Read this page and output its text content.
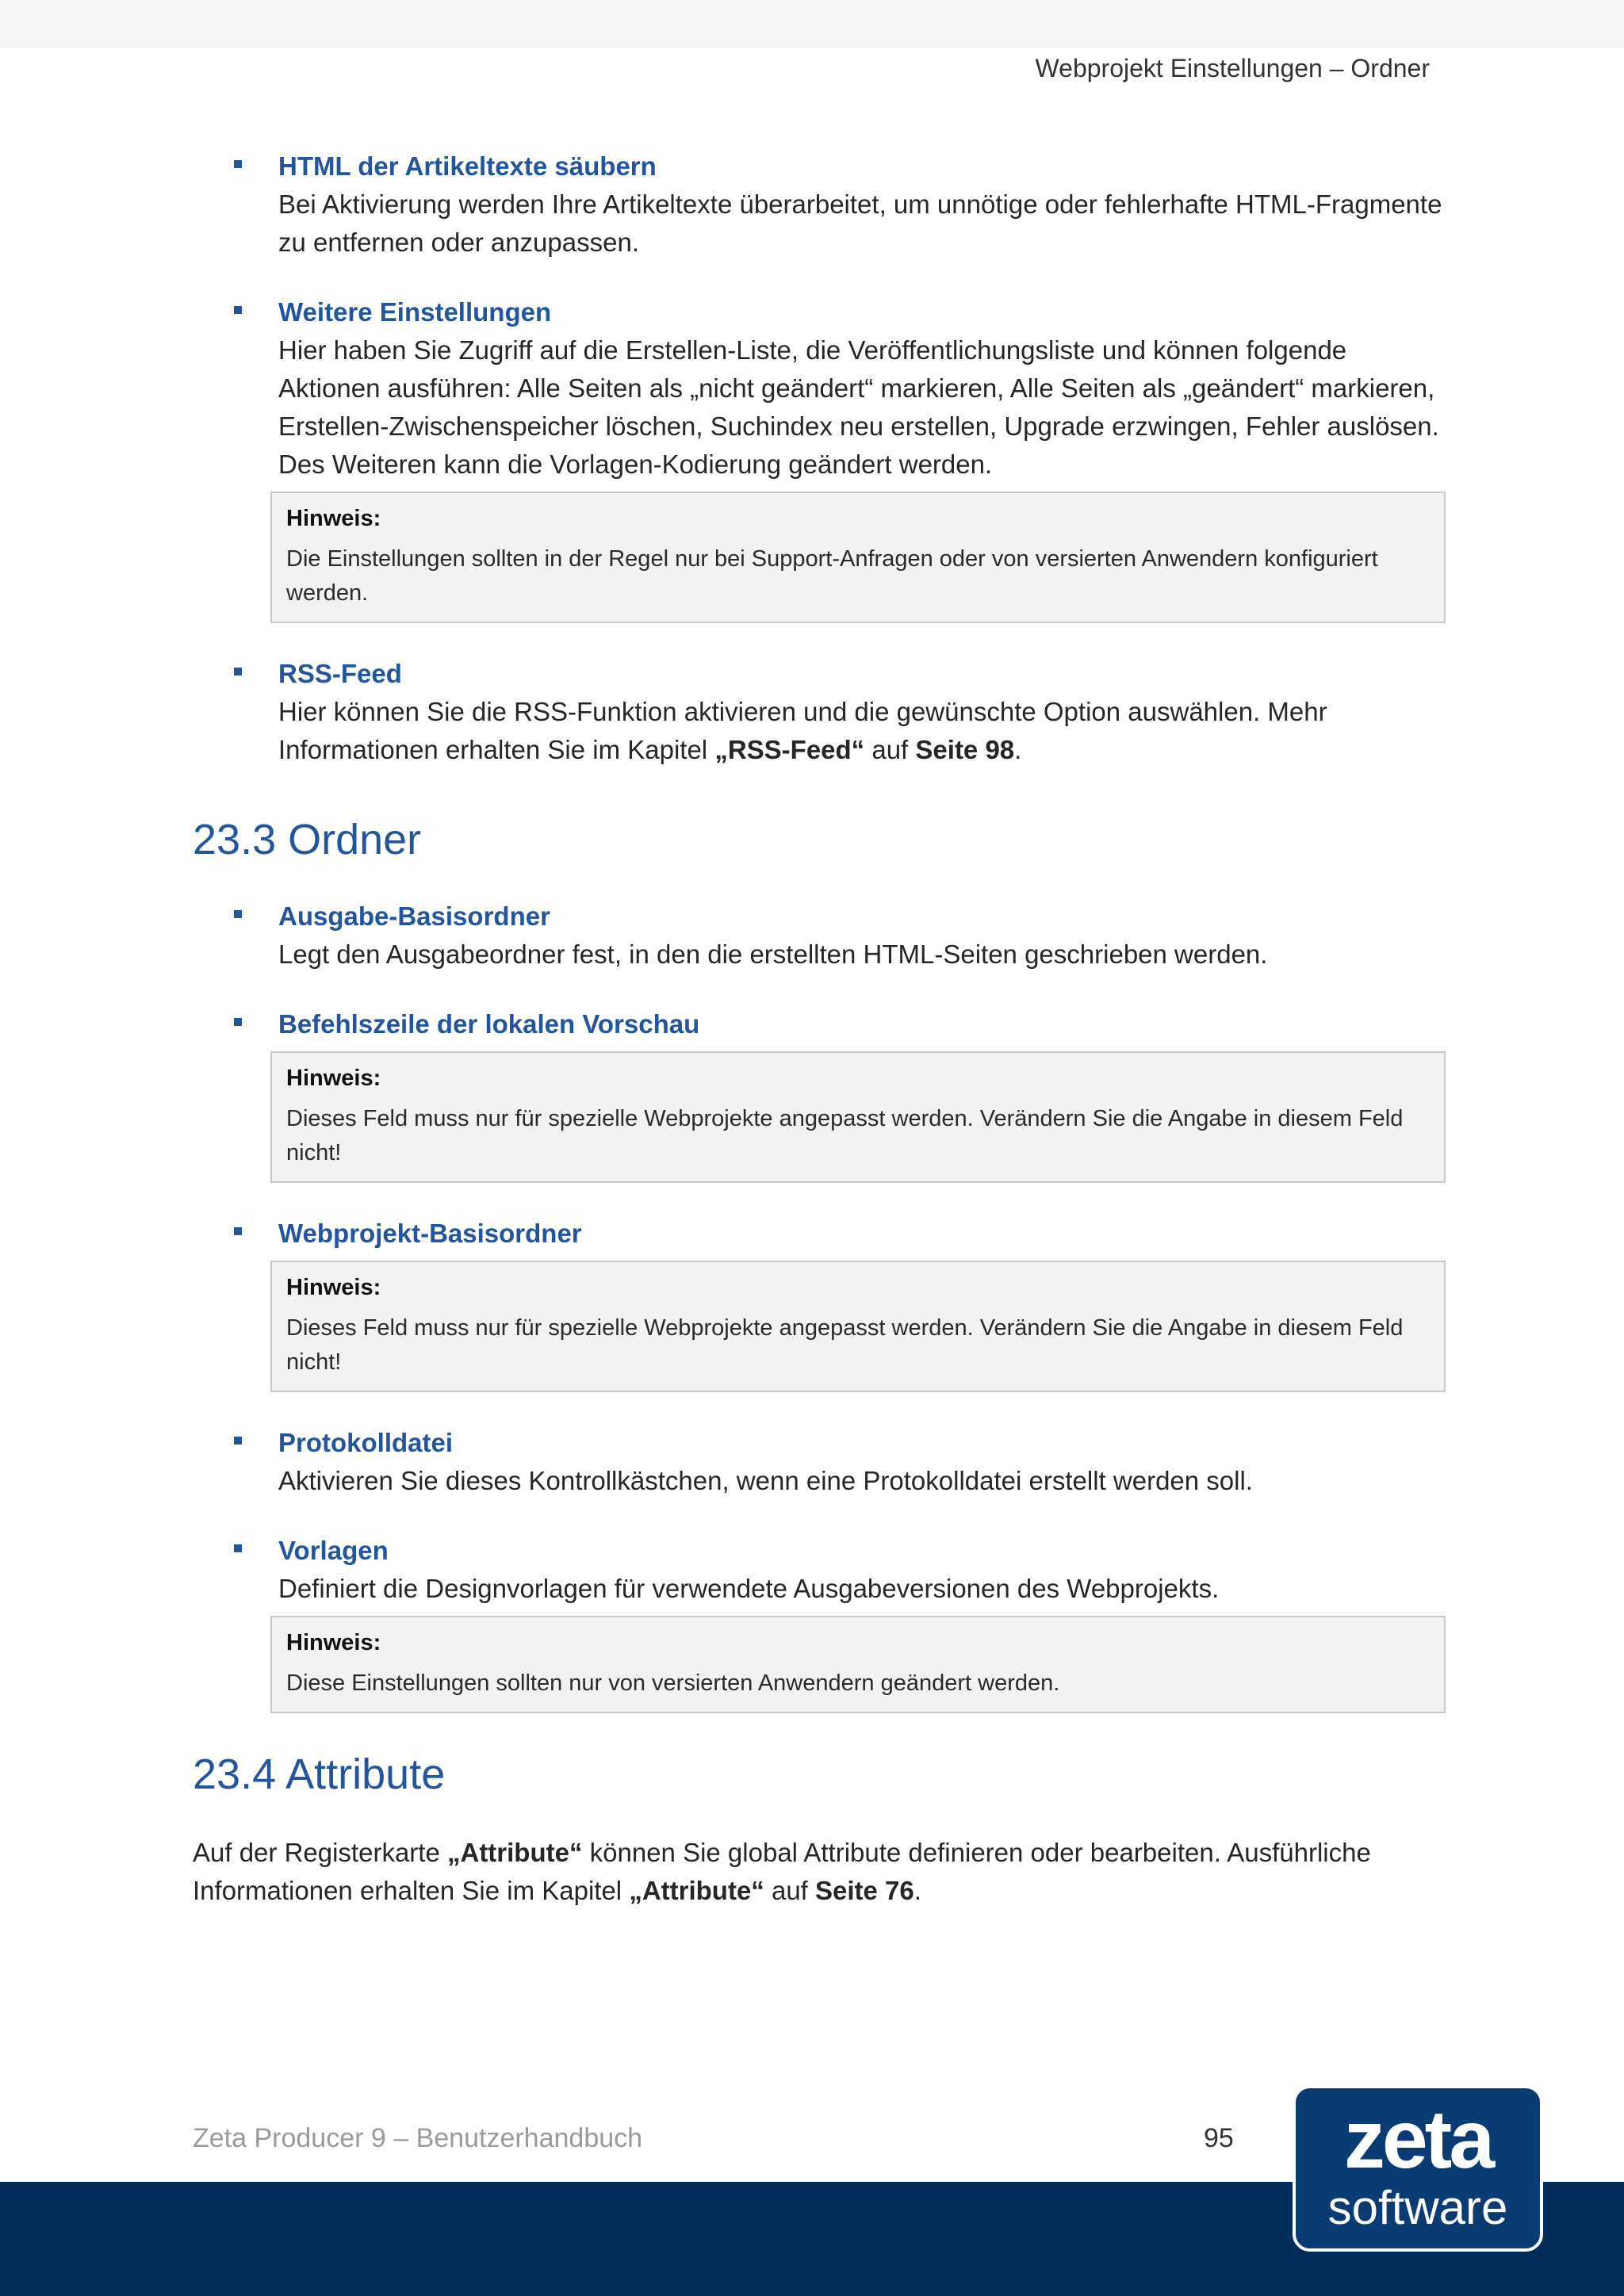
Webprojekt Einstellungen – Ordner
HTML der Artikeltexte säubern
Bei Aktivierung werden Ihre Artikeltexte überarbeitet, um unnötige oder fehlerhafte HTML-Fragmente zu entfernen oder anzupassen.
Weitere Einstellungen
Hier haben Sie Zugriff auf die Erstellen-Liste, die Veröffentlichungsliste und können folgende Aktionen ausführen: Alle Seiten als „nicht geändert“ markieren, Alle Seiten als „geändert“ markieren, Erstellen-Zwischenspeicher löschen, Suchindex neu erstellen, Upgrade erzwingen, Fehler auslösen. Des Weiteren kann die Vorlagen-Kodierung geändert werden.
Hinweis:
Die Einstellungen sollten in der Regel nur bei Support-Anfragen oder von versierten Anwendern konfiguriert werden.
RSS-Feed
Hier können Sie die RSS-Funktion aktivieren und die gewünschte Option auswählen. Mehr Informationen erhalten Sie im Kapitel „RSS-Feed“ auf Seite 98.
23.3 Ordner
Ausgabe-Basisordner
Legt den Ausgabeordner fest, in den die erstellten HTML-Seiten geschrieben werden.
Befehlszeile der lokalen Vorschau
Hinweis:
Dieses Feld muss nur für spezielle Webprojekte angepasst werden. Verändern Sie die Angabe in diesem Feld nicht!
Webprojekt-Basisordner
Hinweis:
Dieses Feld muss nur für spezielle Webprojekte angepasst werden. Verändern Sie die Angabe in diesem Feld nicht!
Protokolldatei
Aktivieren Sie dieses Kontrollkästchen, wenn eine Protokolldatei erstellt werden soll.
Vorlagen
Definiert die Designvorlagen für verwendete Ausgabeversionen des Webprojekts.
Hinweis:
Diese Einstellungen sollten nur von versierten Anwendern geändert werden.
23.4 Attribute
Auf der Registerkarte „Attribute“ können Sie global Attribute definieren oder bearbeiten. Ausführliche Informationen erhalten Sie im Kapitel „Attribute“ auf Seite 76.
Zeta Producer 9 – Benutzerhandbuch	95	zeta
software
